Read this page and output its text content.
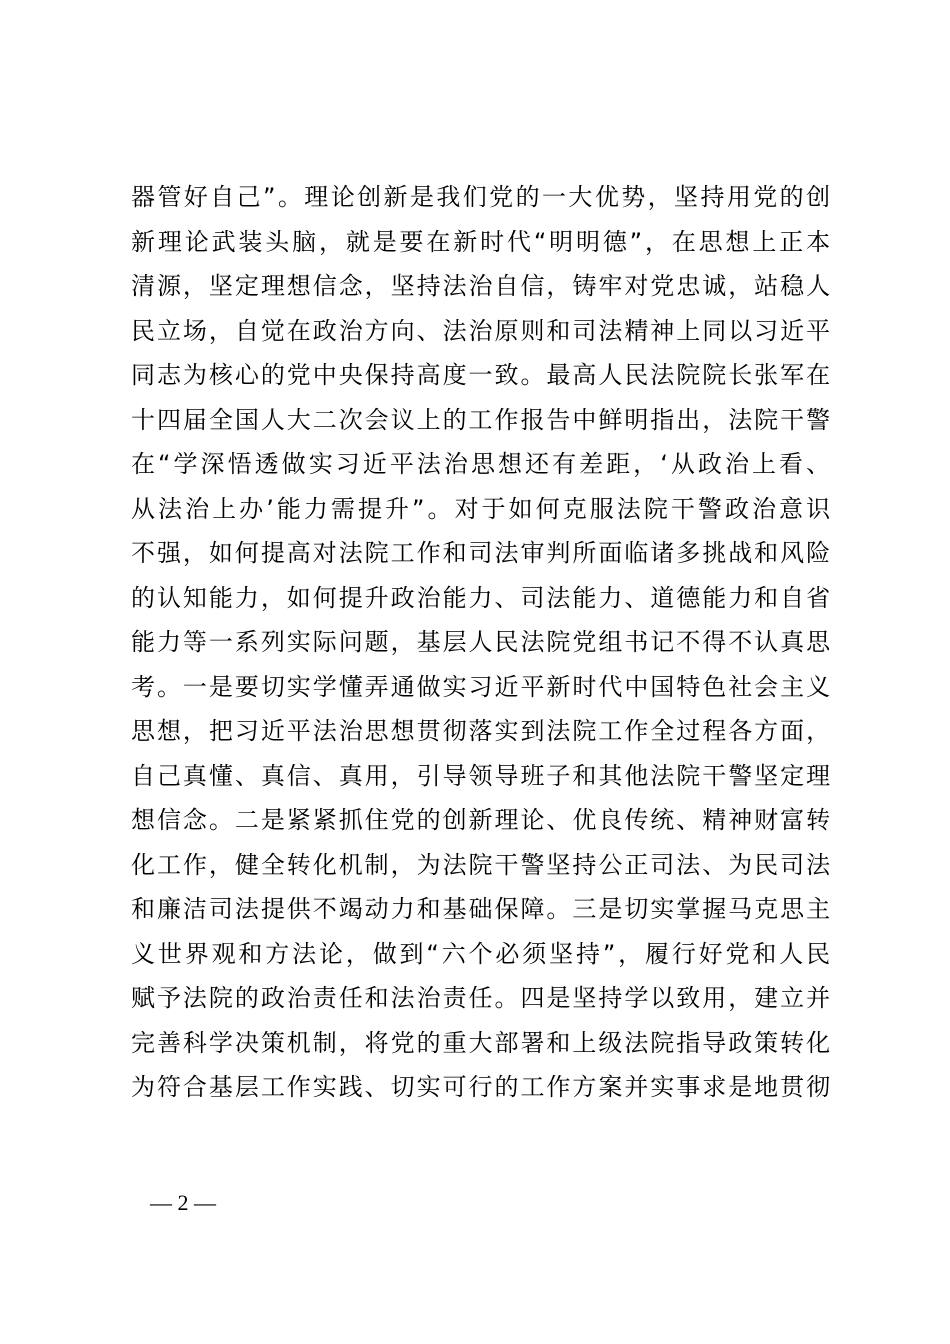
器管好自己”。理论创新是我们党的一大优势，坚持用党的创
新理论武装头脑，就是要在新时代“明明德”，在思想上正本
清源，坚定理想信念，坚持法治自信，铸牢对党忠诚，站稳人
民立场，自觉在政治方向、法治原则和司法精神上同以习近平
同志为核心的党中央保持高度一致。最高人民法院院长张军在
十四届全国人大二次会议上的工作报告中鲜明指出，法院干警
在“学深悟透做实习近平法治思想还有差距，‘从政治上看、
从法治上办’能力需提升”。对于如何克服法院干警政治意识
不强，如何提高对法院工作和司法审判所面临诸多挑战和风险
的认知能力，如何提升政治能力、司法能力、道德能力和自省
能力等一系列实际问题，基层人民法院党组书记不得不认真思
考。一是要切实学懂弄通做实习近平新时代中国特色社会主义
思想，把习近平法治思想贯彻落实到法院工作全过程各方面，
自己真懂、真信、真用，引导领导班子和其他法院干警坚定理
想信念。二是紧紧抓住党的创新理论、优良传统、精神财富转
化工作，健全转化机制，为法院干警坚持公正司法、为民司法
和廉洁司法提供不竭动力和基础保障。三是切实掌握马克思主
义世界观和方法论，做到“六个必须坚持”，履行好党和人民
赋予法院的政治责任和法治责任。四是坚持学以致用，建立并
完善科学决策机制，将党的重大部署和上级法院指导政策转化
为符合基层工作实践、切实可行的工作方案并实事求是地贯彻
— 2 —
